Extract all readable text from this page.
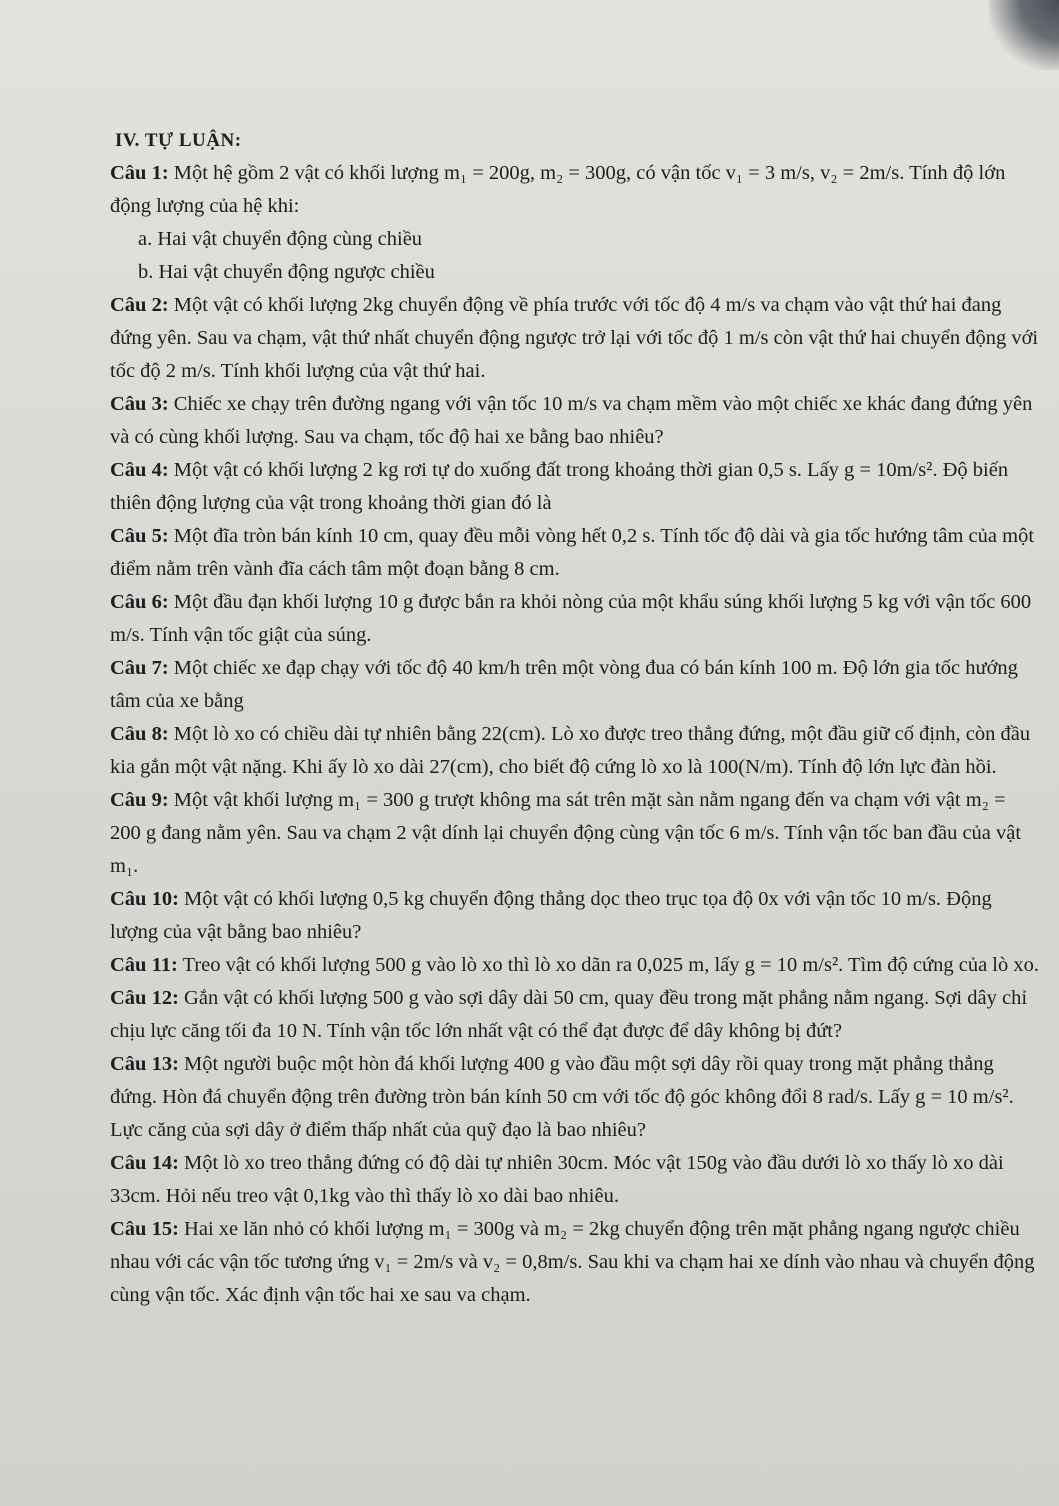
IV. TỰ LUẬN:
Câu 1: Một hệ gồm 2 vật có khối lượng m₁ = 200g, m₂ = 300g, có vận tốc v₁ = 3 m/s, v₂ = 2m/s. Tính độ lớn động lượng của hệ khi:
a. Hai vật chuyển động cùng chiều
b. Hai vật chuyển động ngược chiều
Câu 2: Một vật có khối lượng 2kg chuyển động về phía trước với tốc độ 4 m/s va chạm vào vật thứ hai đang đứng yên. Sau va chạm, vật thứ nhất chuyển động ngược trở lại với tốc độ 1 m/s còn vật thứ hai chuyển động với tốc độ 2 m/s. Tính khối lượng của vật thứ hai.
Câu 3: Chiếc xe chạy trên đường ngang với vận tốc 10 m/s va chạm mềm vào một chiếc xe khác đang đứng yên và có cùng khối lượng. Sau va chạm, tốc độ hai xe bằng bao nhiêu?
Câu 4: Một vật có khối lượng 2 kg rơi tự do xuống đất trong khoảng thời gian 0,5 s. Lấy g = 10m/s². Độ biến thiên động lượng của vật trong khoảng thời gian đó là
Câu 5: Một đĩa tròn bán kính 10 cm, quay đều mỗi vòng hết 0,2 s. Tính tốc độ dài và gia tốc hướng tâm của một điểm nằm trên vành đĩa cách tâm một đoạn bằng 8 cm.
Câu 6: Một đầu đạn khối lượng 10 g được bắn ra khỏi nòng của một khẩu súng khối lượng 5 kg với vận tốc 600 m/s. Tính vận tốc giật của súng.
Câu 7: Một chiếc xe đạp chạy với tốc độ 40 km/h trên một vòng đua có bán kính 100 m. Độ lớn gia tốc hướng tâm của xe bằng
Câu 8: Một lò xo có chiều dài tự nhiên bằng 22(cm). Lò xo được treo thẳng đứng, một đầu giữ cố định, còn đầu kia gắn một vật nặng. Khi ấy lò xo dài 27(cm), cho biết độ cứng lò xo là 100(N/m). Tính độ lớn lực đàn hồi.
Câu 9: Một vật khối lượng m₁ = 300 g trượt không ma sát trên mặt sàn nằm ngang đến va chạm với vật m₂ = 200 g đang nằm yên. Sau va chạm 2 vật dính lại chuyển động cùng vận tốc 6 m/s. Tính vận tốc ban đầu của vật m₁.
Câu 10: Một vật có khối lượng 0,5 kg chuyển động thẳng dọc theo trục tọa độ 0x với vận tốc 10 m/s. Động lượng của vật bằng bao nhiêu?
Câu 11: Treo vật có khối lượng 500 g vào lò xo thì lò xo dãn ra 0,025 m, lấy g = 10 m/s². Tìm độ cứng của lò xo.
Câu 12: Gắn vật có khối lượng 500 g vào sợi dây dài 50 cm, quay đều trong mặt phẳng nằm ngang. Sợi dây chỉ chịu lực căng tối đa 10 N. Tính vận tốc lớn nhất vật có thể đạt được để dây không bị đứt?
Câu 13: Một người buộc một hòn đá khối lượng 400 g vào đầu một sợi dây rồi quay trong mặt phẳng thẳng đứng. Hòn đá chuyển động trên đường tròn bán kính 50 cm với tốc độ góc không đổi 8 rad/s. Lấy g = 10 m/s². Lực căng của sợi dây ở điểm thấp nhất của quỹ đạo là bao nhiêu?
Câu 14: Một lò xo treo thẳng đứng có độ dài tự nhiên 30cm. Móc vật 150g vào đầu dưới lò xo thấy lò xo dài 33cm. Hỏi nếu treo vật 0,1kg vào thì thấy lò xo dài bao nhiêu.
Câu 15: Hai xe lăn nhỏ có khối lượng m₁ = 300g và m₂ = 2kg chuyển động trên mặt phẳng ngang ngược chiều nhau với các vận tốc tương ứng v₁ = 2m/s và v₂ = 0,8m/s. Sau khi va chạm hai xe dính vào nhau và chuyển động cùng vận tốc. Xác định vận tốc hai xe sau va chạm.
